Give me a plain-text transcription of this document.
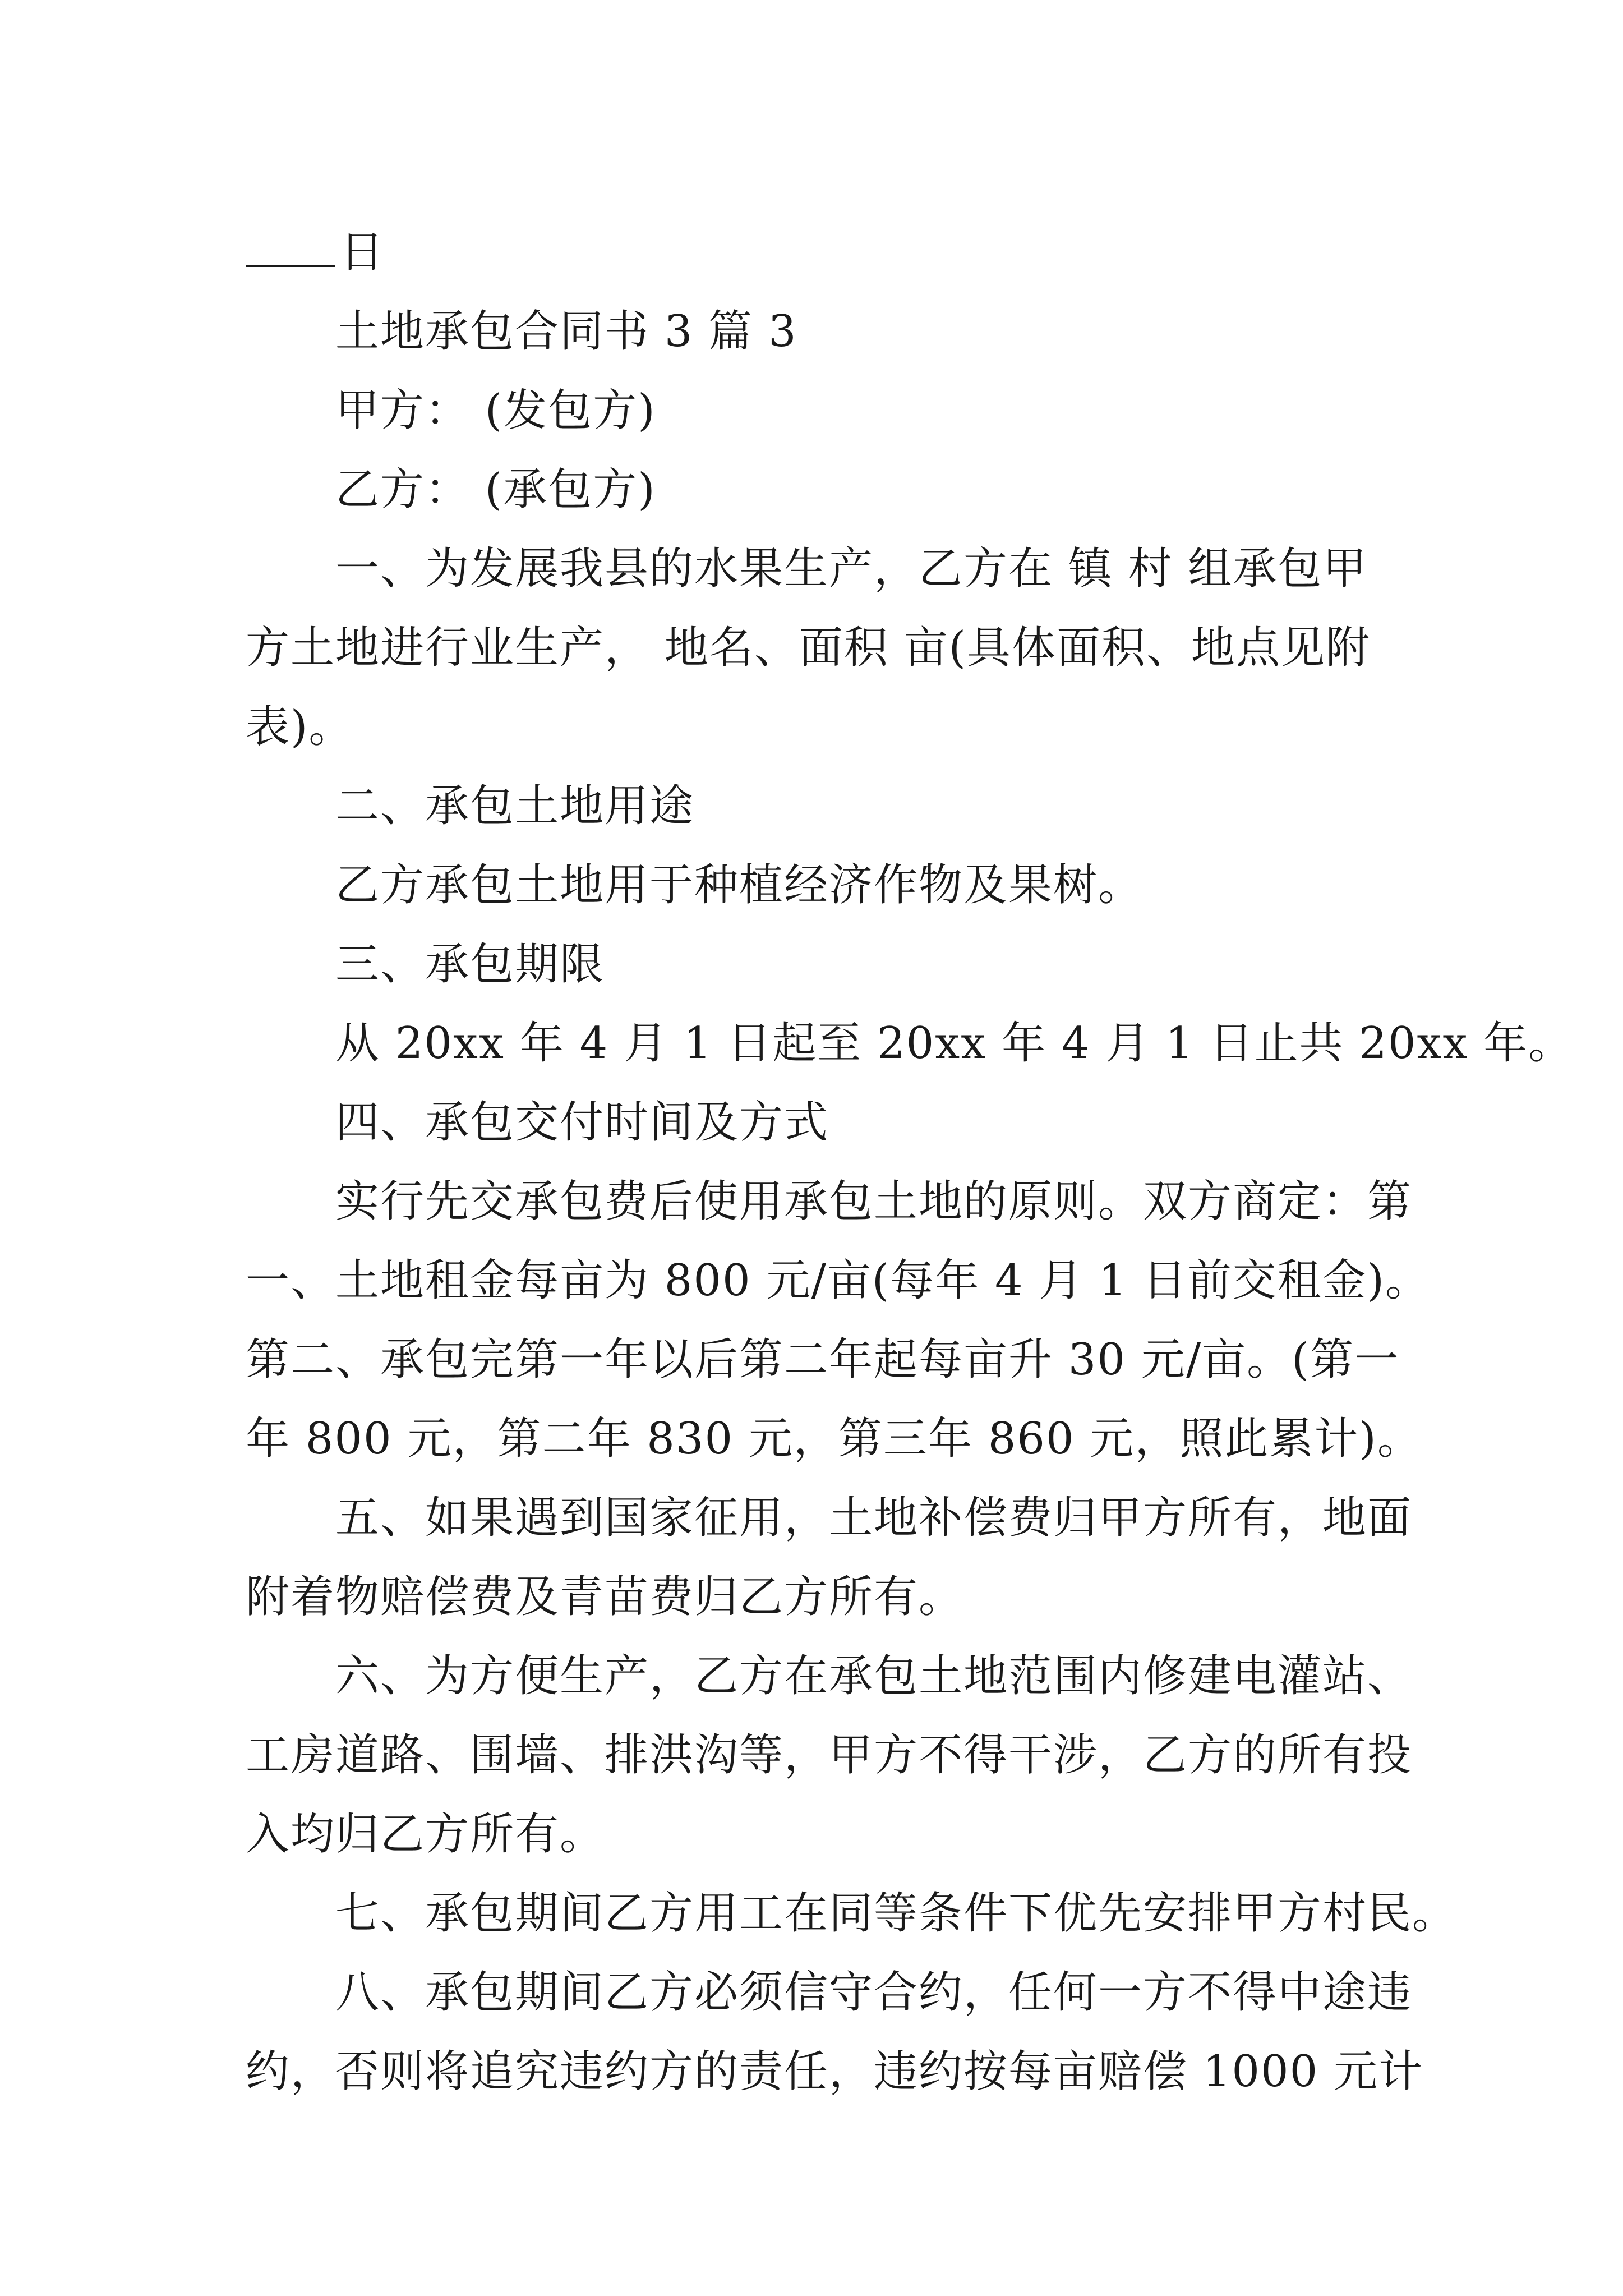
日
土地承包合同书 3 篇 3
甲方： (发包方)
乙方： (承包方)
一、为发展我县的水果生产，乙方在 镇 村 组承包甲
方土地进行业生产， 地名、面积 亩(具体面积、地点见附
表)。
二、承包土地用途
乙方承包土地用于种植经济作物及果树。
三、承包期限
从 20xx 年 4 月 1 日起至 20xx 年 4 月 1 日止共 20xx 年。
四、承包交付时间及方式
实行先交承包费后使用承包土地的原则。双方商定：第
一、土地租金每亩为 800 元/亩(每年 4 月 1 日前交租金)。
第二、承包完第一年以后第二年起每亩升 30 元/亩。(第一
年 800 元，第二年 830 元，第三年 860 元，照此累计)。
五、如果遇到国家征用，土地补偿费归甲方所有，地面
附着物赔偿费及青苗费归乙方所有。
六、为方便生产，乙方在承包土地范围内修建电灌站、
工房道路、围墙、排洪沟等，甲方不得干涉，乙方的所有投
入均归乙方所有。
七、承包期间乙方用工在同等条件下优先安排甲方村民。
八、承包期间乙方必须信守合约，任何一方不得中途违
约，否则将追究违约方的责任，违约按每亩赔偿 1000 元计
